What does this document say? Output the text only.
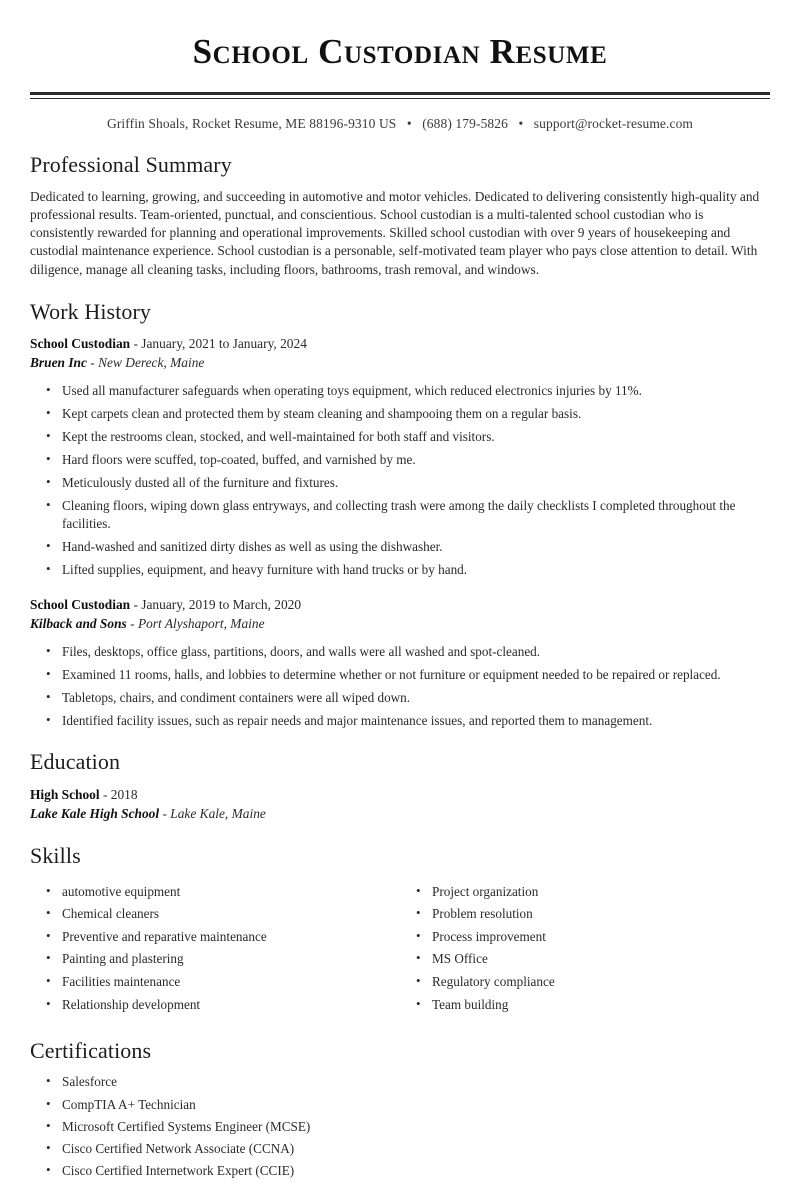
School Custodian Resume
Griffin Shoals, Rocket Resume, ME 88196-9310 US • (688) 179-5826 • support@rocket-resume.com
Professional Summary

Dedicated to learning, growing, and succeeding in automotive and motor vehicles. Dedicated to delivering consistently high-quality and professional results. Team-oriented, punctual, and conscientious. School custodian is a multi-talented school custodian who is consistently rewarded for planning and operational improvements. Skilled school custodian with over 9 years of housekeeping and custodial maintenance experience. School custodian is a personable, self-motivated team player who pays close attention to detail. With diligence, manage all cleaning tasks, including floors, bathrooms, trash removal, and windows.

Work History
School Custodian - January, 2021 to January, 2024
Bruen Inc - New Dereck, Maine
• Used all manufacturer safeguards when operating toys equipment, which reduced electronics injuries by 11%.
• Kept carpets clean and protected them by steam cleaning and shampooing them on a regular basis.
• Kept the restrooms clean, stocked, and well-maintained for both staff and visitors.
• Hard floors were scuffed, top-coated, buffed, and varnished by me.
• Meticulously dusted all of the furniture and fixtures.
• Cleaning floors, wiping down glass entryways, and collecting trash were among the daily checklists I completed throughout the facilities.
• Hand-washed and sanitized dirty dishes as well as using the dishwasher.
• Lifted supplies, equipment, and heavy furniture with hand trucks or by hand.
School Custodian - January, 2019 to March, 2020
Kilback and Sons - Port Alyshaport, Maine
• Files, desktops, office glass, partitions, doors, and walls were all washed and spot-cleaned.
• Examined 11 rooms, halls, and lobbies to determine whether or not furniture or equipment needed to be repaired or replaced.
• Tabletops, chairs, and condiment containers were all wiped down.
• Identified facility issues, such as repair needs and major maintenance issues, and reported them to management.
Education
High School - 2018
Lake Kale High School - Lake Kale, Maine
Skills
• automotive equipment
• Chemical cleaners
• Preventive and reparative maintenance
• Painting and plastering
• Facilities maintenance
• Relationship development
• Project organization
• Problem resolution
• Process improvement
• MS Office
• Regulatory compliance
• Team building
Certifications
• Salesforce
• CompTIA A+ Technician
• Microsoft Certified Systems Engineer (MCSE)
• Cisco Certified Network Associate (CCNA)
• Cisco Certified Internetwork Expert (CCIE)
